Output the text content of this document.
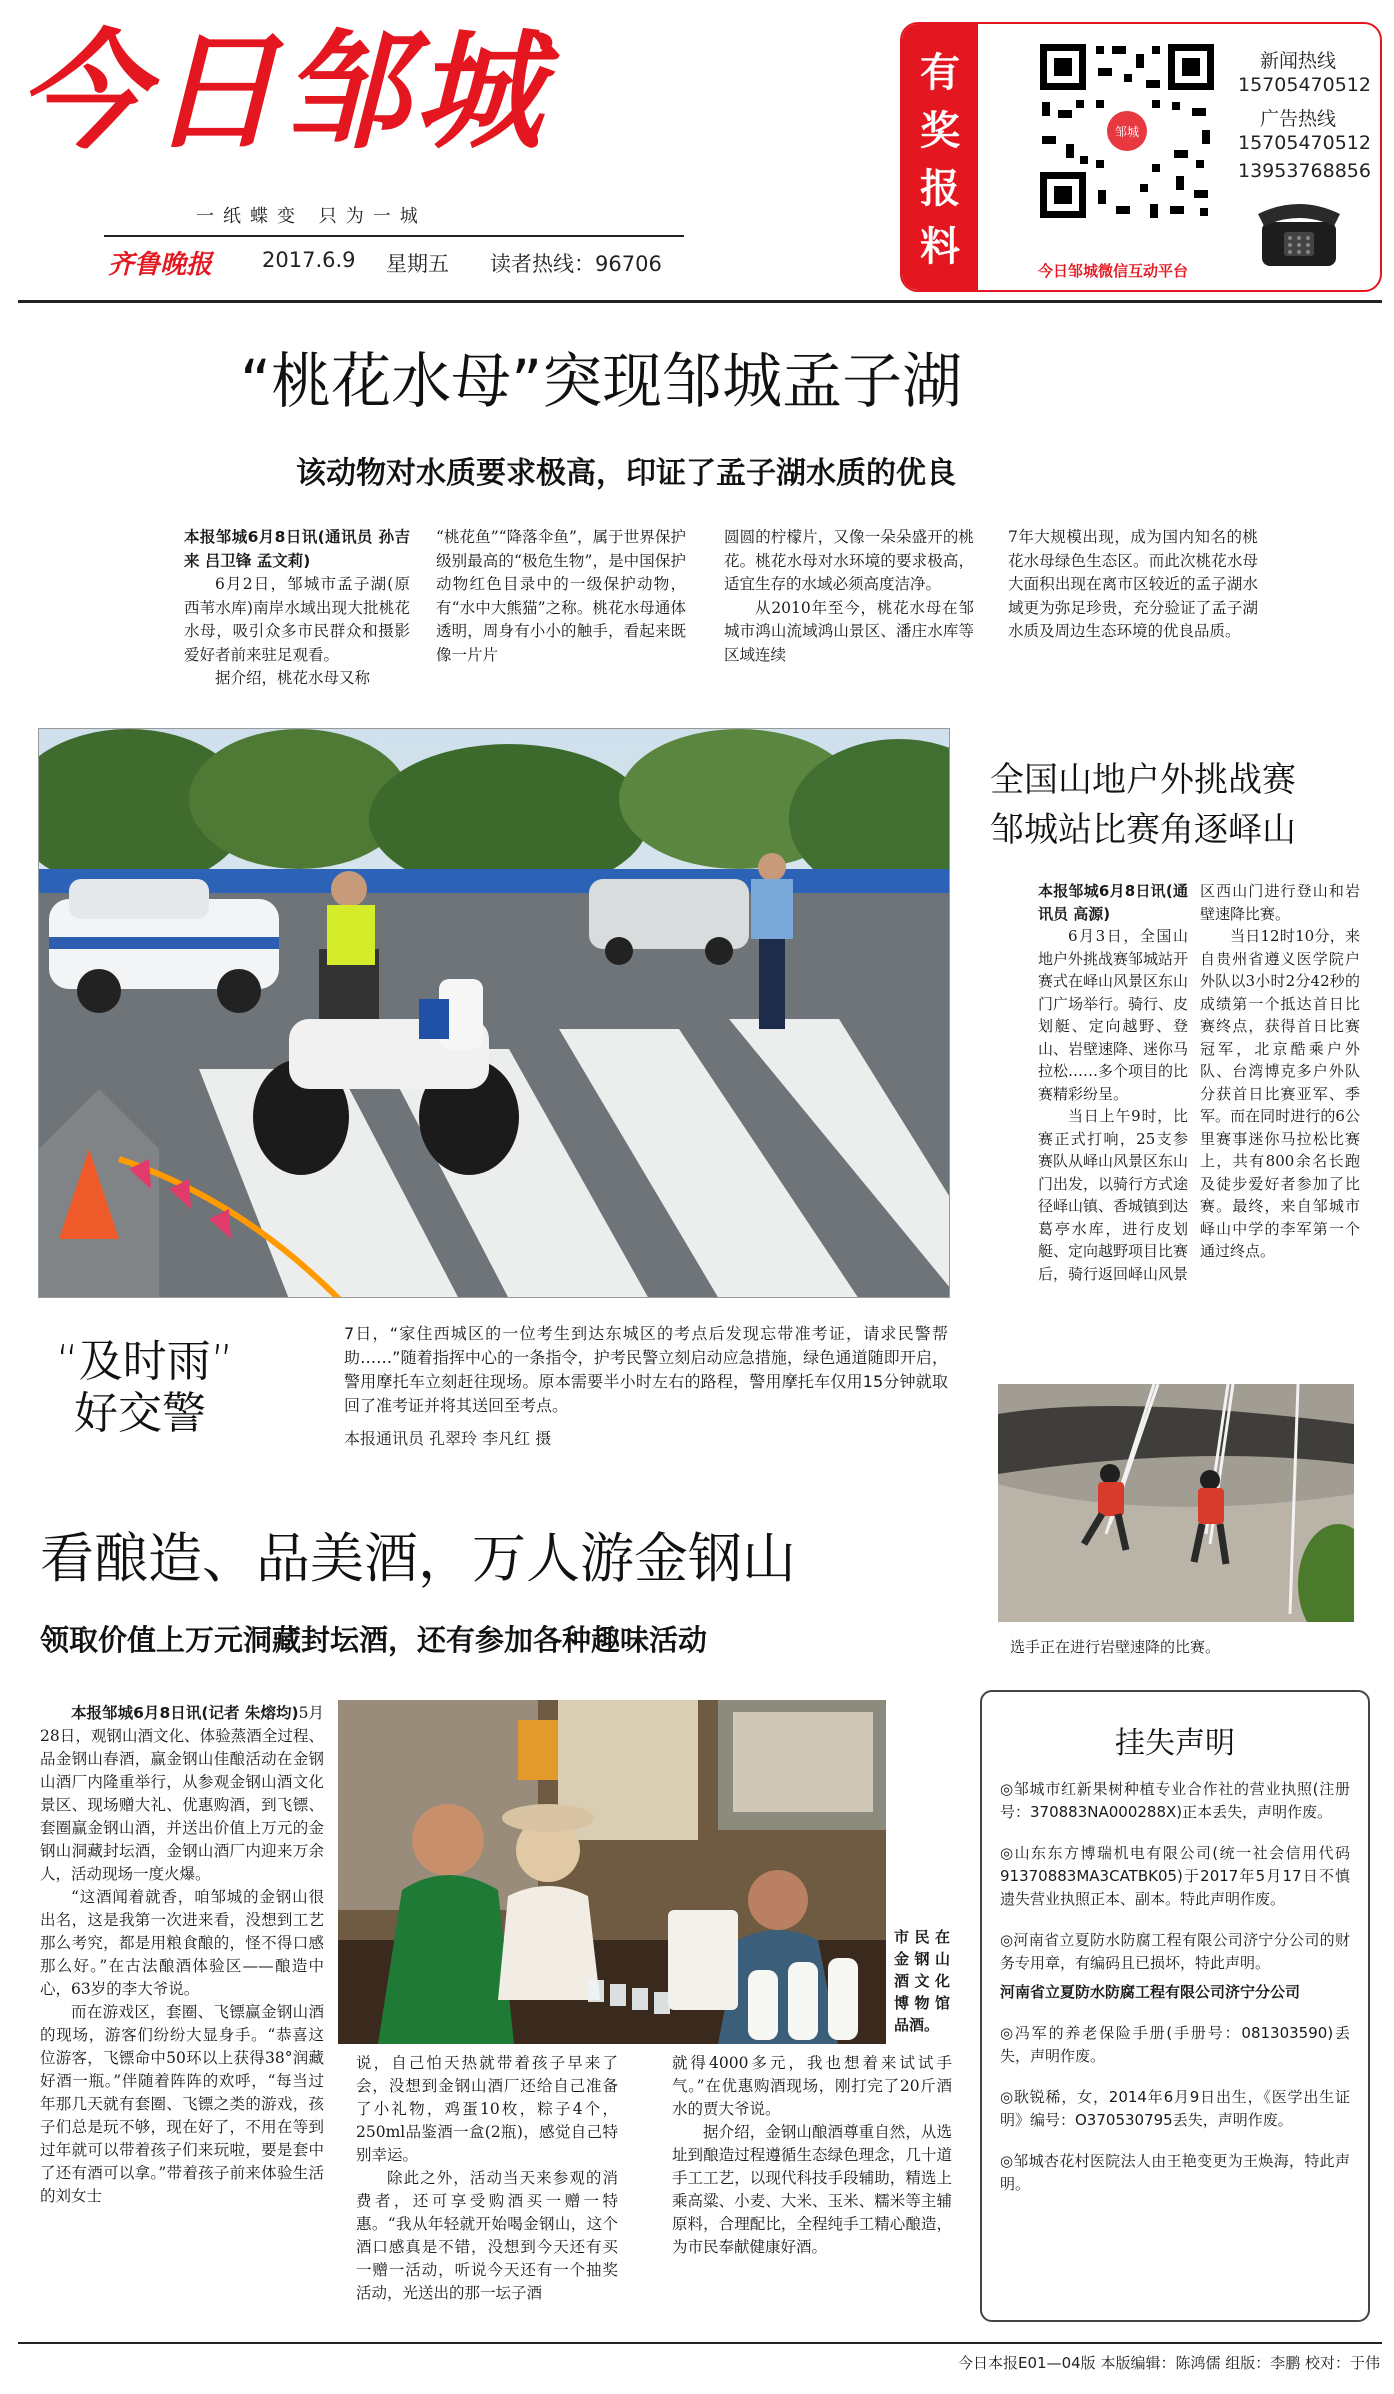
今日邹城
一纸蝶变 只为一城
齐鲁晚报 2017.6.9 星期五 读者热线：96706
有
奖
报
料
邹城
今日邹城微信互动平台
新闻热线
15705470512
广告热线
15705470512
13953768856
“桃花水母”突现邹城孟子湖
该动物对水质要求极高，印证了孟子湖水质的优良

本报邹城6月8日讯(通讯员 孙吉来 吕卫锋 孟文莉)

6月2日，邹城市孟子湖(原西苇水库)南岸水域出现大批桃花水母，吸引众多市民群众和摄影爱好者前来驻足观看。

据介绍，桃花水母又称

“桃花鱼”“降落伞鱼”，属于世界保护级别最高的“极危生物”，是中国保护动物红色目录中的一级保护动物，有“水中大熊猫”之称。桃花水母通体透明，周身有小小的触手，看起来既像一片片

圆圆的柠檬片，又像一朵朵盛开的桃花。桃花水母对水环境的要求极高，适宜生存的水域必须高度洁净。

从2010年至今，桃花水母在邹城市鸿山流域鸿山景区、潘庄水库等区域连续

7年大规模出现，成为国内知名的桃花水母绿色生态区。而此次桃花水母大面积出现在离市区较近的孟子湖水域更为弥足珍贵，充分验证了孟子湖水质及周边生态环境的优良品质。

“及时雨”
好交警

7日，“家住西城区的一位考生到达东城区的考点后发现忘带准考证，请求民警帮助……”随着指挥中心的一条指令，护考民警立刻启动应急措施，绿色通道随即开启，警用摩托车立刻赶往现场。原本需要半小时左右的路程，警用摩托车仅用15分钟就取回了准考证并将其送回至考点。

本报通讯员 孔翠玲 李凡红 摄
全国山地户外挑战赛
邹城站比赛角逐峄山

本报邹城6月8日讯(通讯员 高源)

6月3日，全国山地户外挑战赛邹城站开赛式在峄山风景区东山门广场举行。骑行、皮划艇、定向越野、登山、岩壁速降、迷你马拉松……多个项目的比赛精彩纷呈。

当日上午9时，比赛正式打响，25支参赛队从峄山风景区东山门出发，以骑行方式途径峄山镇、香城镇到达葛亭水库，进行皮划艇、定向越野项目比赛后，骑行返回峄山风景

区西山门进行登山和岩壁速降比赛。

当日12时10分，来自贵州省遵义医学院户外队以3小时2分42秒的成绩第一个抵达首日比赛终点，获得首日比赛冠军，北京酷乘户外队、台湾博克多户外队分获首日比赛亚军、季军。而在同时进行的6公里赛事迷你马拉松比赛上，共有800余名长跑及徒步爱好者参加了比赛。最终，来自邹城市峄山中学的李军第一个通过终点。

选手正在进行岩壁速降的比赛。
看酿造、品美酒，万人游金钢山
领取价值上万元洞藏封坛酒，还有参加各种趣味活动

市民在金钢山酒文化博物馆品酒。

本报邹城6月8日讯(记者 朱熔均)5月28日，观钢山酒文化、体验蒸酒全过程、品金钢山春酒，赢金钢山佳酿活动在金钢山酒厂内隆重举行，从参观金钢山酒文化景区、现场赠大礼、优惠购酒，到飞镖、套圈赢金钢山酒，并送出价值上万元的金钢山洞藏封坛酒，金钢山酒厂内迎来万余人，活动现场一度火爆。

“这酒闻着就香，咱邹城的金钢山很出名，这是我第一次进来看，没想到工艺那么考究，都是用粮食酿的，怪不得口感那么好。”在古法酿酒体验区——酿造中心，63岁的李大爷说。

而在游戏区，套圈、飞镖赢金钢山酒的现场，游客们纷纷大显身手。“恭喜这位游客，飞镖命中50环以上获得38°润藏好酒一瓶。”伴随着阵阵的欢呼，“每当过年那几天就有套圈、飞镖之类的游戏，孩子们总是玩不够，现在好了，不用在等到过年就可以带着孩子们来玩啦，要是套中了还有酒可以拿。”带着孩子前来体验生活的刘女士

说，自己怕天热就带着孩子早来了会，没想到金钢山酒厂还给自己准备了小礼物，鸡蛋10枚，粽子4个，250ml品鉴酒一盒(2瓶)，感觉自己特别幸运。

除此之外，活动当天来参观的消费者，还可享受购酒买一赠一特惠。“我从年轻就开始喝金钢山，这个酒口感真是不错，没想到今天还有买一赠一活动，听说今天还有一个抽奖活动，光送出的那一坛子酒

就得4000多元，我也想着来试试手气。”在优惠购酒现场，刚打完了20斤酒水的贾大爷说。

据介绍，金钢山酿酒尊重自然，从选址到酿造过程遵循生态绿色理念，几十道手工工艺，以现代科技手段辅助，精选上乘高粱、小麦、大米、玉米、糯米等主辅原料，合理配比，全程纯手工精心酿造，为市民奉献健康好酒。

挂失声明

◎邹城市红新果树种植专业合作社的营业执照(注册号：370883NA000288X)正本丢失，声明作废。

◎山东东方博瑞机电有限公司(统一社会信用代码91370883MA3CATBK05)于2017年5月17日不慎遗失营业执照正本、副本。特此声明作废。

◎河南省立夏防水防腐工程有限公司济宁分公司的财务专用章，有编码且已损坏，特此声明。

河南省立夏防水防腐工程有限公司济宁分公司

◎冯军的养老保险手册(手册号：081303590)丢失，声明作废。

◎耿锐稀，女，2014年6月9日出生，《医学出生证明》编号：O370530795丢失，声明作废。

◎邹城杏花村医院法人由王艳变更为王焕海，特此声明。

今日本报E01—04版 本版编辑：陈鸿儒 组版：李鹏 校对：于伟
